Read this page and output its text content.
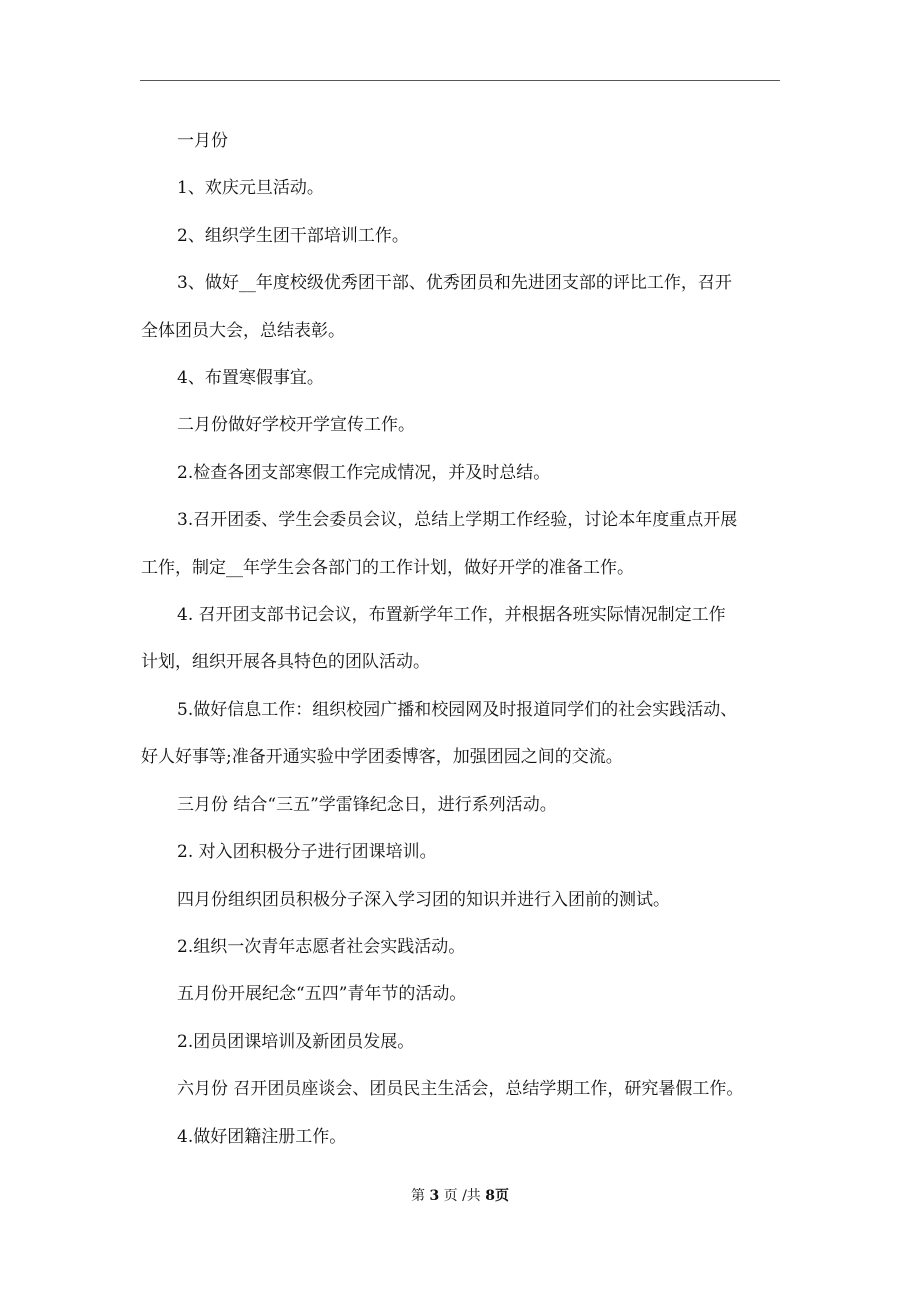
一月份

1、欢庆元旦活动。

2、组织学生团干部培训工作。

3、做好__年度校级优秀团干部、优秀团员和先进团支部的评比工作，召开

全体团员大会，总结表彰。

4、布置寒假事宜。

二月份做好学校开学宣传工作。

2.检查各团支部寒假工作完成情况，并及时总结。

3.召开团委、学生会委员会议，总结上学期工作经验，讨论本年度重点开展

工作，制定__年学生会各部门的工作计划，做好开学的准备工作。

4. 召开团支部书记会议，布置新学年工作，并根据各班实际情况制定工作

计划，组织开展各具特色的团队活动。

5.做好信息工作：组织校园广播和校园网及时报道同学们的社会实践活动、

好人好事等;准备开通实验中学团委博客，加强团园之间的交流。

三月份 结合“三五”学雷锋纪念日，进行系列活动。

2. 对入团积极分子进行团课培训。

四月份组织团员积极分子深入学习团的知识并进行入团前的测试。

2.组织一次青年志愿者社会实践活动。

五月份开展纪念“五四”青年节的活动。

2.团员团课培训及新团员发展。

六月份 召开团员座谈会、团员民主生活会，总结学期工作，研究暑假工作。

4.做好团籍注册工作。

第 3 页 /共 8页
